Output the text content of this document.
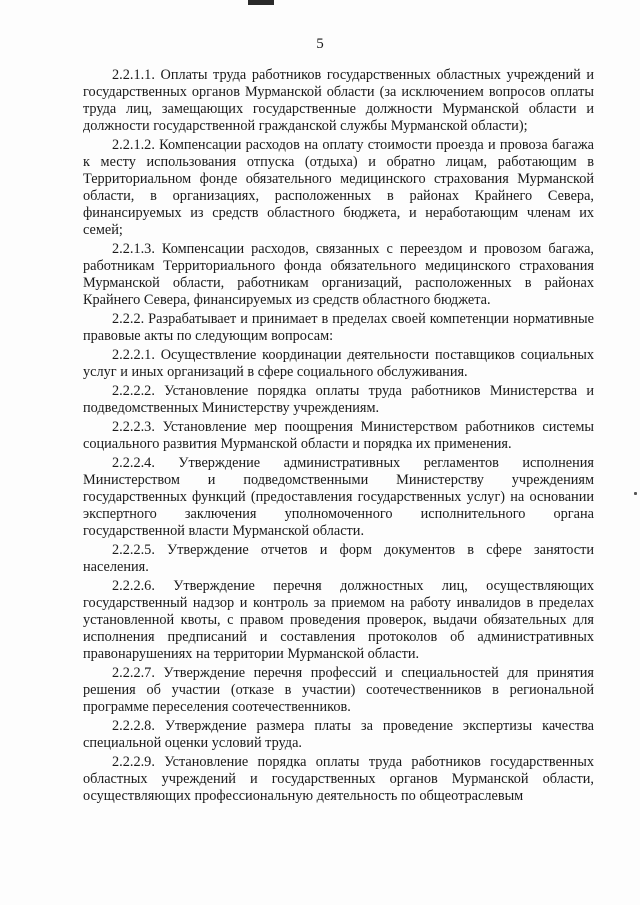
5

2.2.1.1. Оплаты труда работников государственных областных учреждений и государственных органов Мурманской области (за исключением вопросов оплаты труда лиц, замещающих государственные должности Мурманской области и должности государственной гражданской службы Мурманской области);

2.2.1.2. Компенсации расходов на оплату стоимости проезда и провоза багажа к месту использования отпуска (отдыха) и обратно лицам, работающим в Территориальном фонде обязательного медицинского страхования Мурманской области, в организациях, расположенных в районах Крайнего Севера, финансируемых из средств областного бюджета, и неработающим членам их семей;

2.2.1.3. Компенсации расходов, связанных с переездом и провозом багажа, работникам Территориального фонда обязательного медицинского страхования Мурманской области, работникам организаций, расположенных в районах Крайнего Севера, финансируемых из средств областного бюджета.

2.2.2. Разрабатывает и принимает в пределах своей компетенции нормативные правовые акты по следующим вопросам:

2.2.2.1. Осуществление координации деятельности поставщиков социальных услуг и иных организаций в сфере социального обслуживания.

2.2.2.2. Установление порядка оплаты труда работников Министерства и подведомственных Министерству учреждениям.

2.2.2.3. Установление мер поощрения Министерством работников системы социального развития Мурманской области и порядка их применения.

2.2.2.4. Утверждение административных регламентов исполнения Министерством и подведомственными Министерству учреждениям государственных функций (предоставления государственных услуг) на основании экспертного заключения уполномоченного исполнительного органа государственной власти Мурманской области.

2.2.2.5. Утверждение отчетов и форм документов в сфере занятости населения.

2.2.2.6. Утверждение перечня должностных лиц, осуществляющих государственный надзор и контроль за приемом на работу инвалидов в пределах установленной квоты, с правом проведения проверок, выдачи обязательных для исполнения предписаний и составления протоколов об административных правонарушениях на территории Мурманской области.

2.2.2.7. Утверждение перечня профессий и специальностей для принятия решения об участии (отказе в участии) соотечественников в региональной программе переселения соотечественников.

2.2.2.8. Утверждение размера платы за проведение экспертизы качества специальной оценки условий труда.

2.2.2.9. Установление порядка оплаты труда работников государственных областных учреждений и государственных органов Мурманской области, осуществляющих профессиональную деятельность по общеотраслевым
